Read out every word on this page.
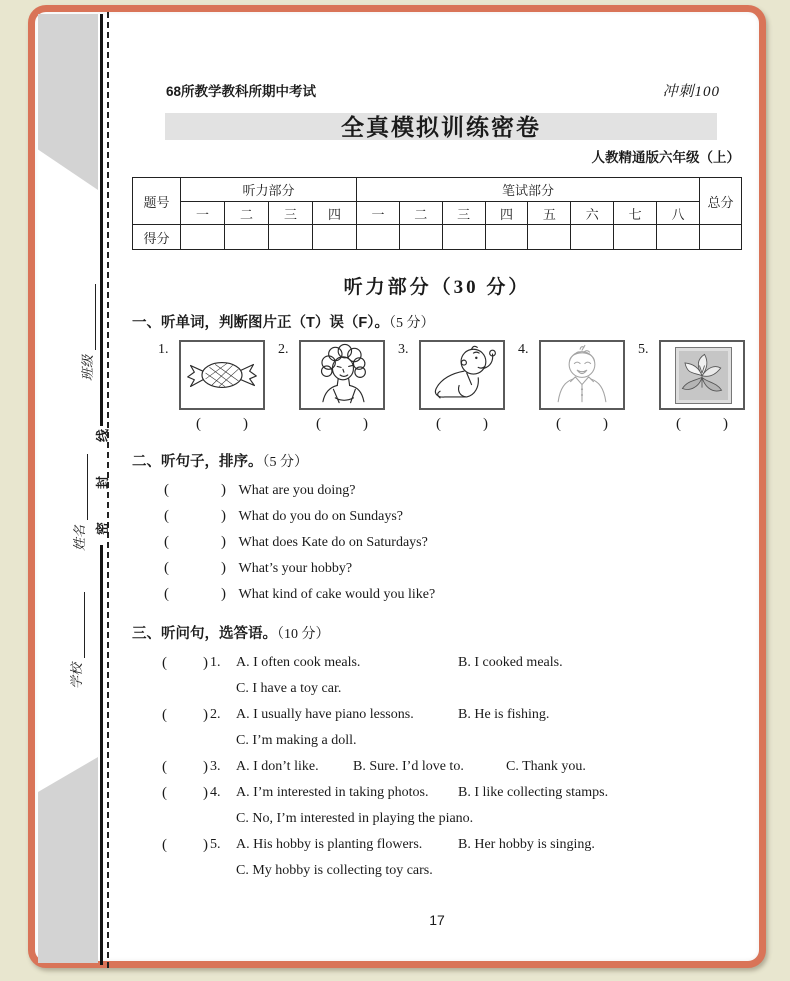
线
封
密
班级
姓名
学校
68所教学教科所期中考试	冲刺100
全真模拟训练密卷
人教精通版六年级（上）
题号	听力部分				笔试部分								总分
	一	二	三	四	一	二	三	四	五	六	七	八	
得分													
听力部分（30 分）
一、听单词，判断图片正（T）误（F）。（5 分）
1.
(	)
2.
(	)
3.
(	)
4.
(	)
5.
(	)
二、听句子，排序。（5 分）
(	) What are you doing?
(	) What do you do on Sundays?
(	) What does Kate do on Saturdays?
(	) What’s your hobby?
(	) What kind of cake would you like?
三、听问句，选答语。（10 分）
( ) 1.	A. I often cook meals.	B. I cooked meals.
C. I have a toy car.
( ) 2.	A. I usually have piano lessons.	B. He is fishing.
C. I’m making a doll.
( ) 3.	A. I don’t like.	B. Sure. I’d love to.	C. Thank you.
( ) 4.	A. I’m interested in taking photos.	B. I like collecting stamps.
C. No, I’m interested in playing the piano.
( ) 5.	A. His hobby is planting flowers.	B. Her hobby is singing.
C. My hobby is collecting toy cars.
17
